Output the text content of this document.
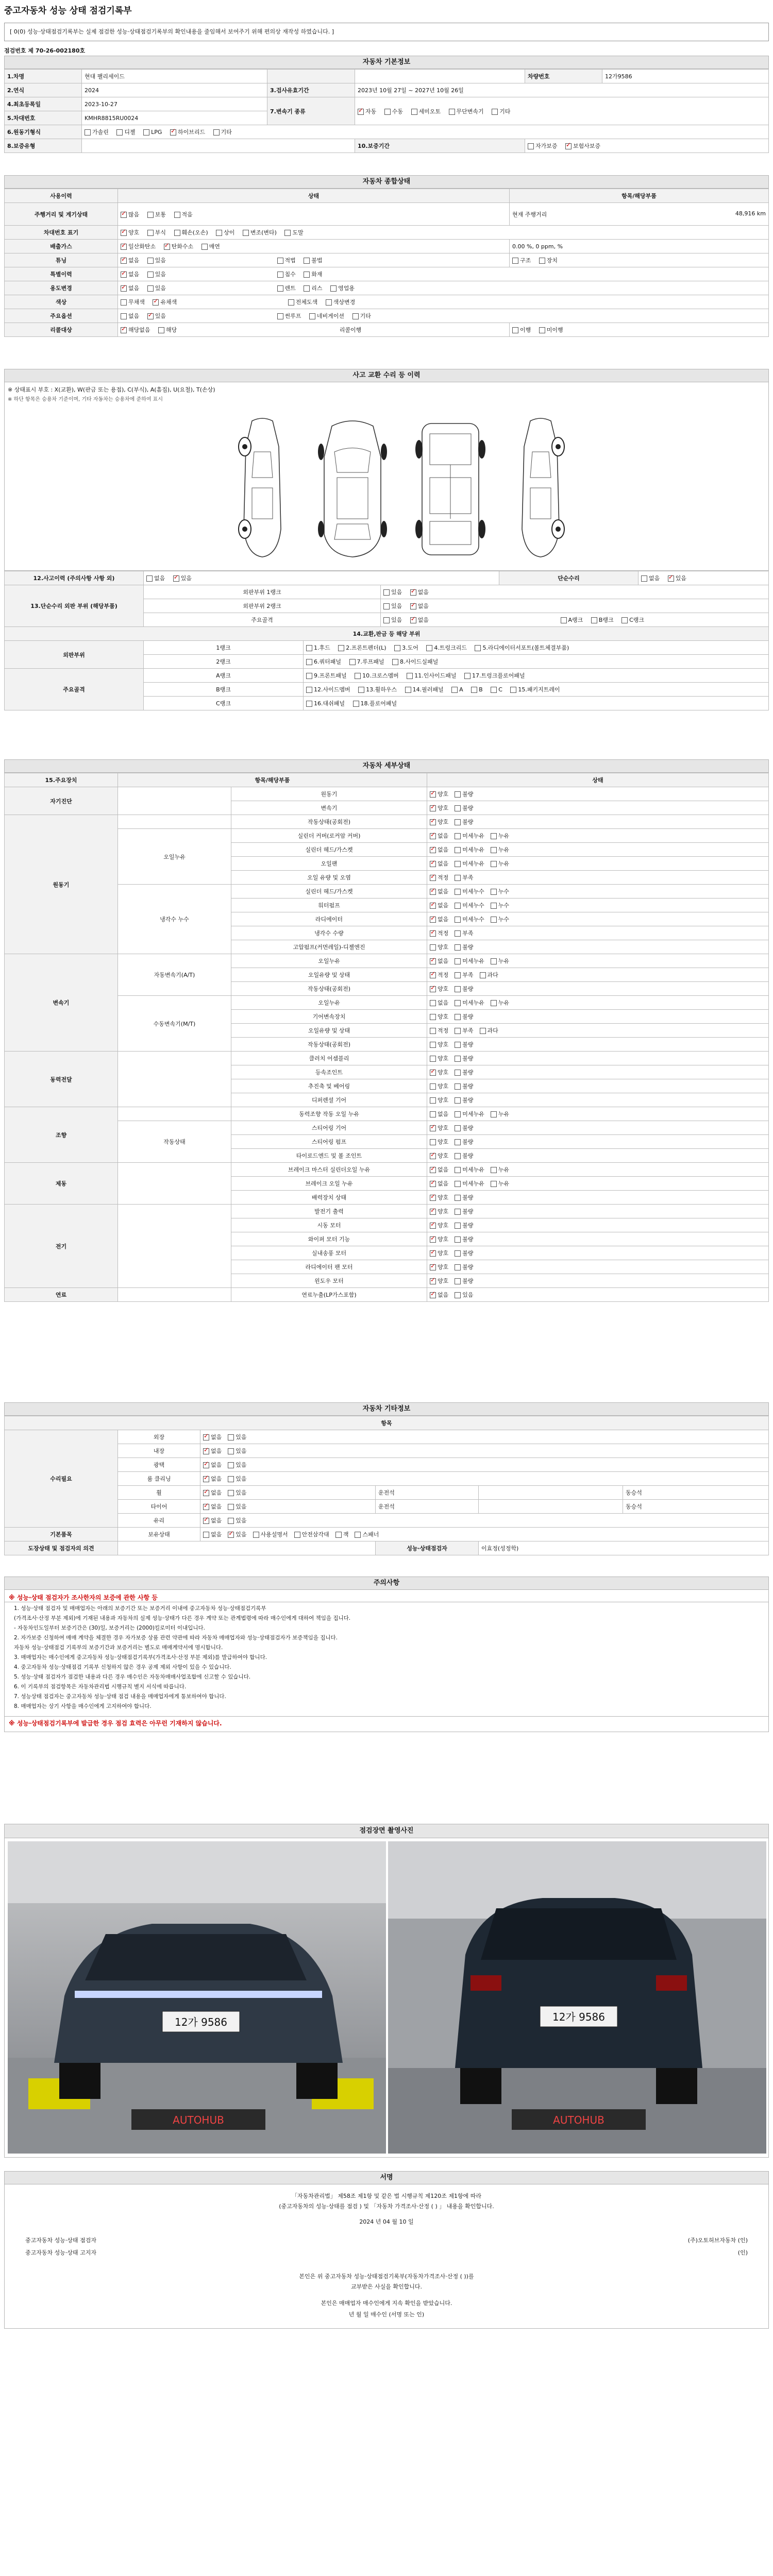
중고자동차 성능 상태 점검기록부
[ 0(0) 성능·상태점검기록부는 실제 점검한 성능·상태점검기록부의 확인내용을 줄임해서 보여주기 위해 편의상 재작성 하였습니다. ]
점검번호 제 70-26-002180호
자동차 기본정보
1.차명	현대 팰리세이드			차량번호	12가9586
2.연식	2024	3.검사유효기간	2023년 10월 27일 ~ 2027년 10월 26일		
4.최초등록일	2023-10-27	7.변속기 종류	✓자동 수동 세미오토 무단변속기 기타
5.차대번호	KMHR8815RU0024				
6.원동기형식	가솔린 디젤 LPG ✓ 하이브리드 기타
8.보증유형			10.보증기간	자가보증 ✓ 보험사보증
자동차 종합상태
사용이력	상태	항목/해당부품
주행거리 및 계기상태	✓많음 보통 적음	현재 주행거리 48,916 km

차대번호 표기	✓양호 부식 훼손(오손) 상이 변조(변타) 도말
배출가스	✓일산화탄소 ✓ 탄화수소 매연	0.00 %, 0 ppm, %
튜닝	✓없음 있음 적법 불법	구조 장치
특별이력	✓없음 있음 침수 화재
용도변경	✓없음 있음 렌트 리스 영업용
색상	무채색 ✓ 유채색 전체도색 색상변경
주요옵션	없음 ✓ 있음 썬루프 네비게이션 기타
리콜대상	✓해당없음 해당 리콜이행	이행 미이행
사고 교환 수리 등 이력
※ 상태표시 부호 : X(교환), W(판금 또는 용접), C(부식), A(흠집), U(요철), T(손상)
※ 하단 항목은 승용차 기준이며, 기타 자동차는 승용차에 준하여 표시
12.사고이력 (주의사항 사항 외)	없음 ✓ 있음			단순수리	없음 ✓ 있음
13.단순수리 외판 부위 (해당부품)	외판부위 1랭크		있음 ✓ 없음
	외판부위 2랭크		있음 ✓ 없음
	주요골격		있음 ✓ 없음 A랭크 B랭크 C랭크
14.교환,판금 등 해당 부위					
외판부위	1랭크	1.후드 2.프론트펜더(L) 3.도어 4.트렁크리드 5.라디에이터서포트(볼트체결부품)			
	2랭크	6.쿼터패널 7.루프패널 8.사이드실패널			
주요골격	A랭크	9.프론트패널 10.크로스멤버 11.인사이드패널 17.트렁크플로어패널			
	B랭크	12.사이드멤버 13.휠하우스 14.필러패널 A B C 15.패키지트레이			
	C랭크	16.대쉬패널 18.플로어패널			
자동차 세부상태
15.주요장치	항목/해당부품		상태
자기진단		원동기	✓양호 불량
		변속기	✓양호 불량
원동기		작동상태(공회전)	✓양호 불량
	오일누유	실린더 커버(로커암 커버)	✓없음 미세누유 누유
		실린더 헤드/가스켓	✓없음 미세누유 누유
		오일팬	✓없음 미세누유 누유
		오일 유량 및 오염	✓적정 부족
	냉각수 누수	실린더 헤드/가스켓	✓없음 미세누수 누수
		워터펌프	✓없음 미세누수 누수
		라디에이터	✓없음 미세누수 누수
		냉각수 수량	✓적정 부족
		고압펌프(커먼레일)-디젤엔진	양호 불량
변속기	자동변속기(A/T)	오일누유	✓없음 미세누유 누유
		오일유량 및 상태	✓적정 부족 과다
		작동상태(공회전)	✓양호 불량
	수동변속기(M/T)	오일누유	없음 미세누유 누유
		기어변속장치	양호 불량
		오일유량 및 상태	적정 부족 과다
		작동상태(공회전)	양호 불량
동력전달		클러치 어셈블리	양호 불량
		등속조인트	✓양호 불량
		추진축 및 베어링	양호 불량
		디퍼렌셜 기어	양호 불량
조향		동력조향 작동 오일 누유	없음 미세누유 누유
	작동상태	스티어링 기어	✓양호 불량
		스티어링 펌프	양호 불량
		타이로드엔드 및 볼 조인트	✓양호 불량
제동		브레이크 마스터 실린더오일 누유	✓없음 미세누유 누유
		브레이크 오일 누유	✓없음 미세누유 누유
		배력장치 상태	✓양호 불량
전기		발전기 출력	✓양호 불량
		시동 모터	✓양호 불량
		와이퍼 모터 기능	✓양호 불량
		실내송풍 모터	✓양호 불량
		라디에이터 팬 모터	✓양호 불량
		윈도우 모터	✓양호 불량
연료		연료누출(LP가스포함)	✓없음 있음
자동차 기타정보
항목					
수리필요	외장	✓없음 있음
	내장	✓없음 있음
	광택	✓없음 있음
	룸 클리닝	✓없음 있음
	휠	✓없음 있음	운전석		동승석
	타이어	✓없음 있음	운전석		동승석
	유리	✓없음 있음
기본품목	보유상태	없음 ✓ 있음 사용설명서 안전삼각대 잭 스패너
도장상태 및 점검자의 의견			성능·상태점검자	이효정(성정학)	
주의사항
※ 성능·상태 점검자가 조사한자의 보증에 관한 사항 등

1. 성능·상태 점검자 및 매매업자는 아래의 보증기간 또는 보증거리 이내에 중고자동차 성능·상태점검기록부

(가격조사·산정 부분 제외)에 기재된 내용과 자동차의 실제 성능·상태가 다른 경우 계약 또는 관계법령에 따라 매수인에게 대하여 책임을 집니다.

- 자동차인도일부터 보증기간은 (30)일, 보증거리는 (2000)킬로미터 이내입니다.

2. 자가보증 신청하여 매매 계약을 체결한 경우 자가보증 상품 관련 약관에 따라 자동차 매매업자와 성능·상태점검자가 보증책임을 집니다.

자동차 성능·상태점검 기록부의 보증기간과 보증거리는 별도로 매매계약서에 명시합니다.

3. 매매업자는 매수인에게 중고자동차 성능·상태점검기록부(가격조사·산정 부분 제외)를 발급하여야 합니다.

4. 중고자동차 성능·상태점검 기록부 신청하지 않은 경우 공제 제외 사항이 있을 수 있습니다.

5. 성능·상태 점검자가 점검한 내용과 다른 경우 매수인은 자동차매매사업조합에 신고할 수 있습니다.

6. 이 기록부의 점검항목은 자동차관리법 시행규칙 별지 서식에 따릅니다.

7. 성능상태 점검자는 중고자동차 성능·상태 점검 내용을 매매업자에게 통보하여야 합니다.

8. 매매업자는 상기 사항을 매수인에게 고지하여야 합니다.

※ 성능·상태점검기록부에 발급한 경우 점검 효력은 아무런 기재하지 않습니다.
점검장면 촬영사진
12가 9586
AUTOHUB
12가 9586
AUTOHUB
서명
「자동차관리법」 제58조 제1항 및 같은 법 시행규칙 제120조 제1항에 따라
(중고자동차의 성능·상태를 점검 ) 및 「자동차 가격조사·산정 ( ) 」 내용을 확인합니다.
2024 년 04 월 10 일
중고자동차 성능·상태 점검자	(주)오토허브자동차 (인)
중고자동차 성능·상태 고지자	(인)
본인은 위 중고자동차 성능·상태점검기록부(자동차가격조사·산정 ( ))를
교부받은 사실을 확인합니다.
본인은 매매업자 매수인에게 지속 확인을 받았습니다.
년 월 일 매수인 (서명 또는 인)
